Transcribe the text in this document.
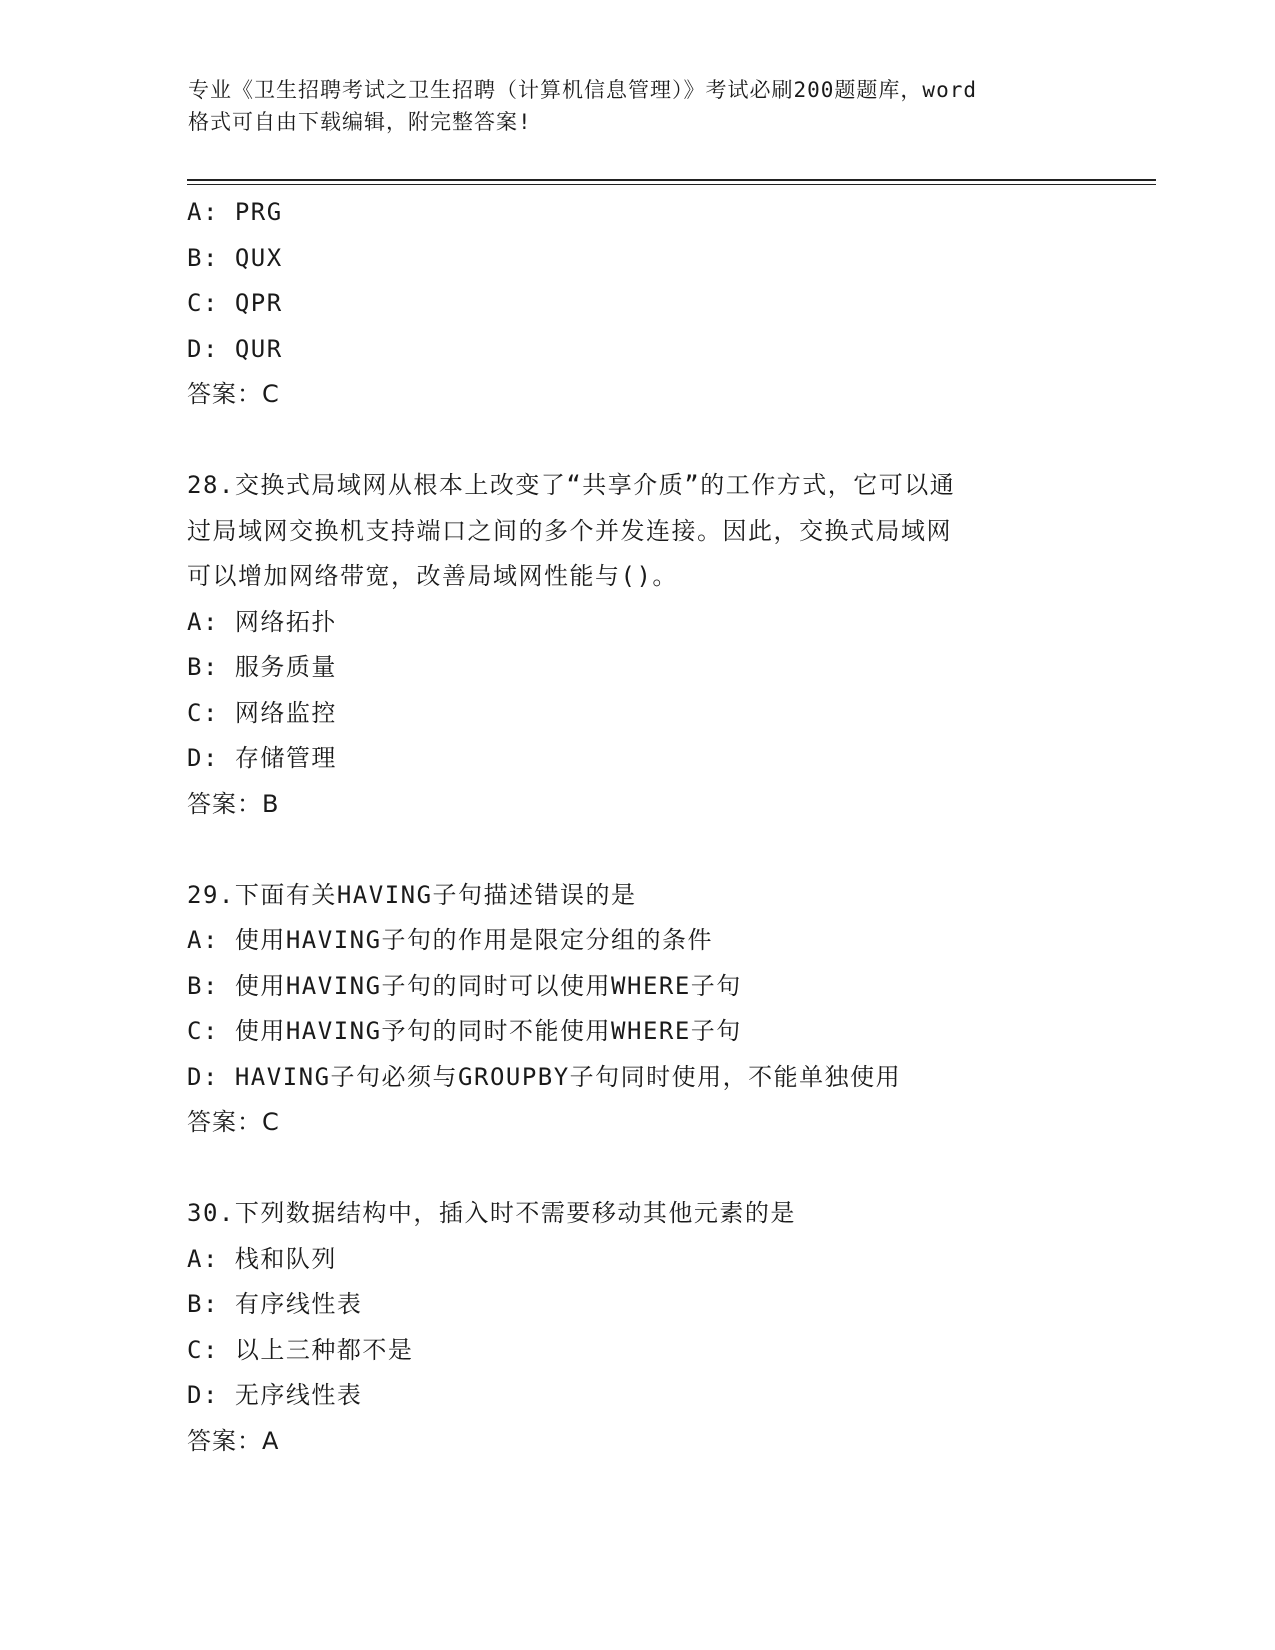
专业《卫生招聘考试之卫生招聘（计算机信息管理）》考试必刷200题题库，word
格式可自由下载编辑，附完整答案!
A: PRG
B: QUX
C: QPR
D: QUR
答案：C
28.交换式局域网从根本上改变了“共享介质”的工作方式，它可以通
过局域网交换机支持端口之间的多个并发连接。因此，交换式局域网
可以增加网络带宽，改善局域网性能与()。
A: 网络拓扑
B: 服务质量
C: 网络监控
D: 存储管理
答案：B
29.下面有关HAVING子句描述错误的是
A: 使用HAVING子句的作用是限定分组的条件
B: 使用HAVING子句的同时可以使用WHERE子句
C: 使用HAVING予句的同时不能使用WHERE子句
D: HAVING子句必须与GROUPBY子句同时使用，不能单独使用
答案：C
30.下列数据结构中，插入时不需要移动其他元素的是
A: 栈和队列
B: 有序线性表
C: 以上三种都不是
D: 无序线性表
答案：A
